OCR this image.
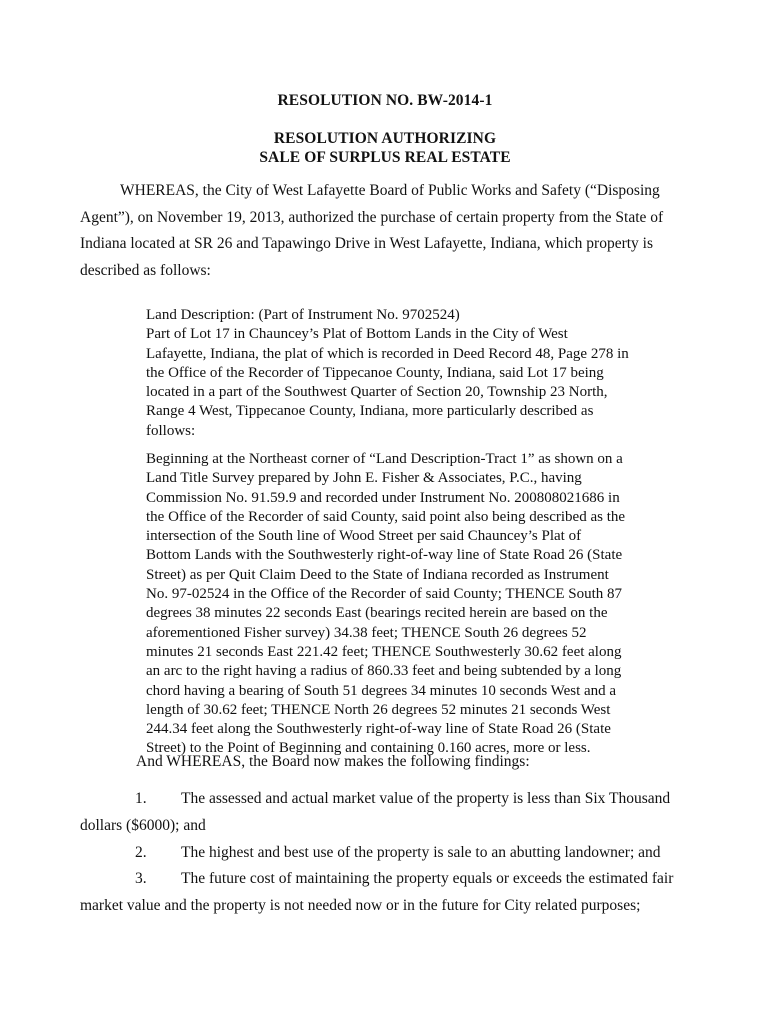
RESOLUTION NO. BW-2014-1

RESOLUTION AUTHORIZING

SALE OF SURPLUS REAL ESTATE

WHEREAS, the City of West Lafayette Board of Public Works and Safety (“Disposing Agent”), on November 19, 2013, authorized the purchase of certain property from the State of Indiana located at SR 26 and Tapawingo Drive in West Lafayette, Indiana, which property is described as follows:

Land Description: (Part of Instrument No. 9702524)
Part of Lot 17 in Chauncey’s Plat of Bottom Lands in the City of West
Lafayette, Indiana, the plat of which is recorded in Deed Record 48, Page 278 in
the Office of the Recorder of Tippecanoe County, Indiana, said Lot 17 being
located in a part of the Southwest Quarter of Section 20, Township 23 North,
Range 4 West, Tippecanoe County, Indiana, more particularly described as
follows:
Beginning at the Northeast corner of “Land Description-Tract 1” as shown on a
Land Title Survey prepared by John E. Fisher & Associates, P.C., having
Commission No. 91.59.9 and recorded under Instrument No. 200808021686 in
the Office of the Recorder of said County, said point also being described as the
intersection of the South line of Wood Street per said Chauncey’s Plat of
Bottom Lands with the Southwesterly right-of-way line of State Road 26 (State
Street) as per Quit Claim Deed to the State of Indiana recorded as Instrument
No. 97-02524 in the Office of the Recorder of said County; THENCE South 87
degrees 38 minutes 22 seconds East (bearings recited herein are based on the
aforementioned Fisher survey) 34.38 feet; THENCE South 26 degrees 52
minutes 21 seconds East 221.42 feet; THENCE Southwesterly 30.62 feet along
an arc to the right having a radius of 860.33 feet and being subtended by a long
chord having a bearing of South 51 degrees 34 minutes 10 seconds West and a
length of 30.62 feet; THENCE North 26 degrees 52 minutes 21 seconds West
244.34 feet along the Southwesterly right-of-way line of State Road 26 (State
Street) to the Point of Beginning and containing 0.160 acres, more or less.

And WHEREAS, the Board now makes the following findings:

1. The assessed and actual market value of the property is less than Six Thousand

dollars ($6000); and

2. The highest and best use of the property is sale to an abutting landowner; and

3. The future cost of maintaining the property equals or exceeds the estimated fair

market value and the property is not needed now or in the future for City related purposes;
